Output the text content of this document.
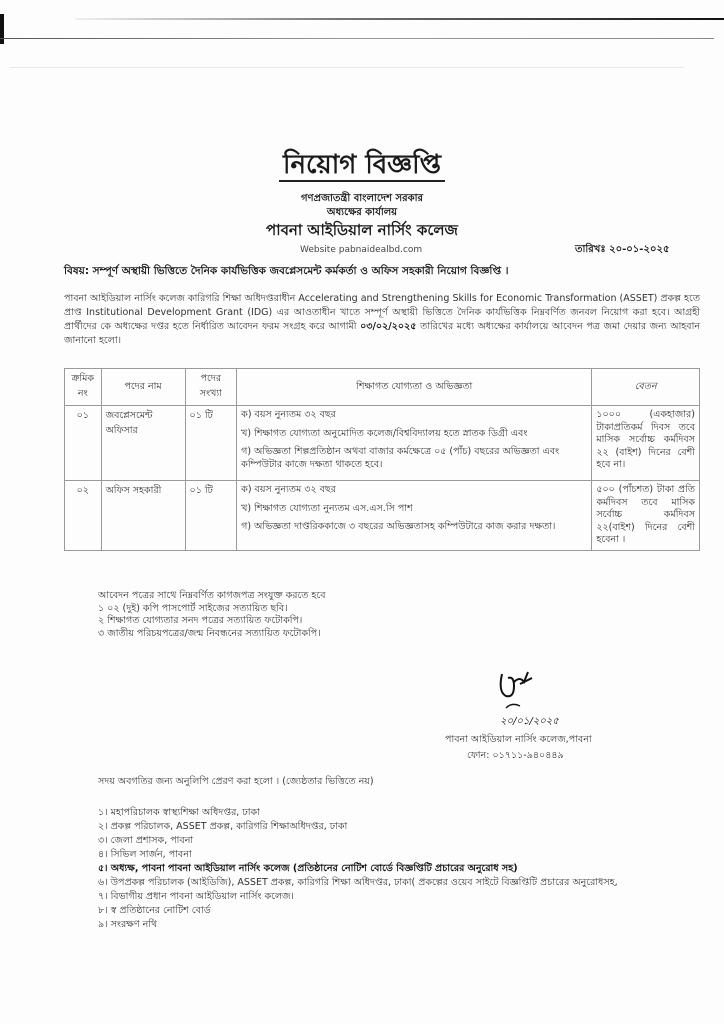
নিয়োগ বিজ্ঞপ্তি
গণপ্রজাতন্ত্রী বাংলাদেশ সরকার
অধ্যক্ষের কার্যালয়
পাবনা আইডিয়াল নার্সিং কলেজ
Website pabnaidealbd.com	তারিখঃ ২০-০১-২০২৫
বিষয়: সম্পূর্ণ অস্থায়ী ভিত্তিতে দৈনিক কার্যভিত্তিক জবপ্লেসমেন্ট কর্মকর্তা ও অফিস সহকারী নিয়োগ বিজ্ঞপ্তি ।
পাবনা আইডিয়াল নার্সিং কলেজ কারিগরি শিক্ষা অধিদপ্তরাধীন Accelerating and Strengthening Skills for Economic Transformation (ASSET) প্রকল্প হতে প্রাপ্ত Institutional Development Grant (IDG) এর আওতাধীন খাতে সম্পূর্ণ অস্থায়ী ভিত্তিতে দৈনিক কার্যভিত্তিক নিম্নবর্ণিত জনবল নিয়োগ করা হবে। আগ্রহী প্রার্থীদের কে অধ্যক্ষের দপ্তর হতে নির্ধারিত আবেদন ফরম সংগ্রহ করে আগামী ০৩/০২/২০২৫ তারিখের মধ্যে অধ্যক্ষের কার্যালয়ে আবেদন পত্র জমা দেয়ার জন্য আহবান জানানো হলো।
ক্রমিক নং	পদের নাম	পদের সংখ্যা	শিক্ষাগত যোগ্যতা ও অভিজ্ঞতা	বেতন
০১	জবপ্লেসমেন্ট অফিসার	০১ টি	ক) বয়স নুন্যতম ৩২ বছর
খ) শিক্ষাগত যোগ্যতা অনুমোদিত কলেজ/বিশ্ববিদ্যালয় হতে স্নাতক ডিগ্রী এবং
গ) অভিজ্ঞতা শিল্পপ্রতিষ্ঠান অথবা বাজার কর্মক্ষেত্রে ০৫ (পাঁচ) বছরের অভিজ্ঞতা এবং কম্পিউটার কাজে দক্ষতা থাকতে হবে।	১০০০ (একহাজার) টাকাপ্রতিকর্ম দিবস তবে মাসিক সর্বোচ্চ কর্মদিবস ২২ (বাইশ) দিনের বেশী হবে না।
০২	অফিস সহকারী	০১ টি	ক) বয়স নুন্যতম ৩২ বছর
খ) শিক্ষাগত যোগ্যতা নুন্যতম এস.এস.সি পাশ
গ) অভিজ্ঞতা দাপ্তরিককাজে ৩ বছরের অভিজ্ঞতাসহ কম্পিউটারে কাজ করার দক্ষতা।	৫০০ (পাঁচশত) টাকা প্রতি কর্মদিবস তবে মাসিক সর্বোচ্চ কর্মদিবস ২২(বাইশ) দিনের বেশী হবেনা ।
আবেদন পত্রের সাথে নিম্নবর্ণিত কাগজপত্র সংযুক্ত করতে হবে
১ ০২ (দুই) কপি পাসপোর্ট সাইজের সত্যায়িত ছবি।
২ শিক্ষাগত যোগ্যতার সনদ পত্রের সত্যায়িত ফটোকপি।
৩ জাতীয় পরিচয়পত্রের/জন্ম নিবন্ধনের সত্যায়িত ফটোকপি।
২০/০১/২০২৫
পাবনা আইডিয়াল নার্সিং কলেজ,পাবনা
ফোন: ০১৭১১-৯৪০৪৪৯
সদয় অবগতির জন্য অনুলিপি প্রেরণ করা হলো । (জ্যেষ্ঠতার ভিত্তিতে নয়)
১। মহাপরিচালক স্বাস্থ্যশিক্ষা অধিদপ্তর, ঢাকা
২। প্রকল্প পরিচালক, ASSET প্রকল্প, কারিগরি শিক্ষাঅধিদপ্তর, ঢাকা
৩। জেলা প্রশাসক, পাবনা
৪। সিভিল সার্জন, পাবনা
৫। অধ্যক্ষ, পাবনা পাবনা আইডিয়াল নার্সিং কলেজ (প্রতিষ্ঠানের নোটিশ বোর্ডে বিজ্ঞপ্তিটি প্রচারের অনুরোধ সহ)
৬। উপপ্রকল্প পরিচালক (আইডিজি), ASSET প্রকল্প, কারিগরি শিক্ষা অধিদপ্তর, ঢাকা( প্রকল্পের ওয়েব সাইটে বিজ্ঞপ্তিটি প্রচারের অনুরোধসহ,
৭। বিভাগীয় প্রধান পাবনা আইডিয়াল নার্সিং কলেজ।
৮। স্ব প্রতিষ্ঠানের নোটিশ বোর্ড
৯। সংরক্ষণ নথি
